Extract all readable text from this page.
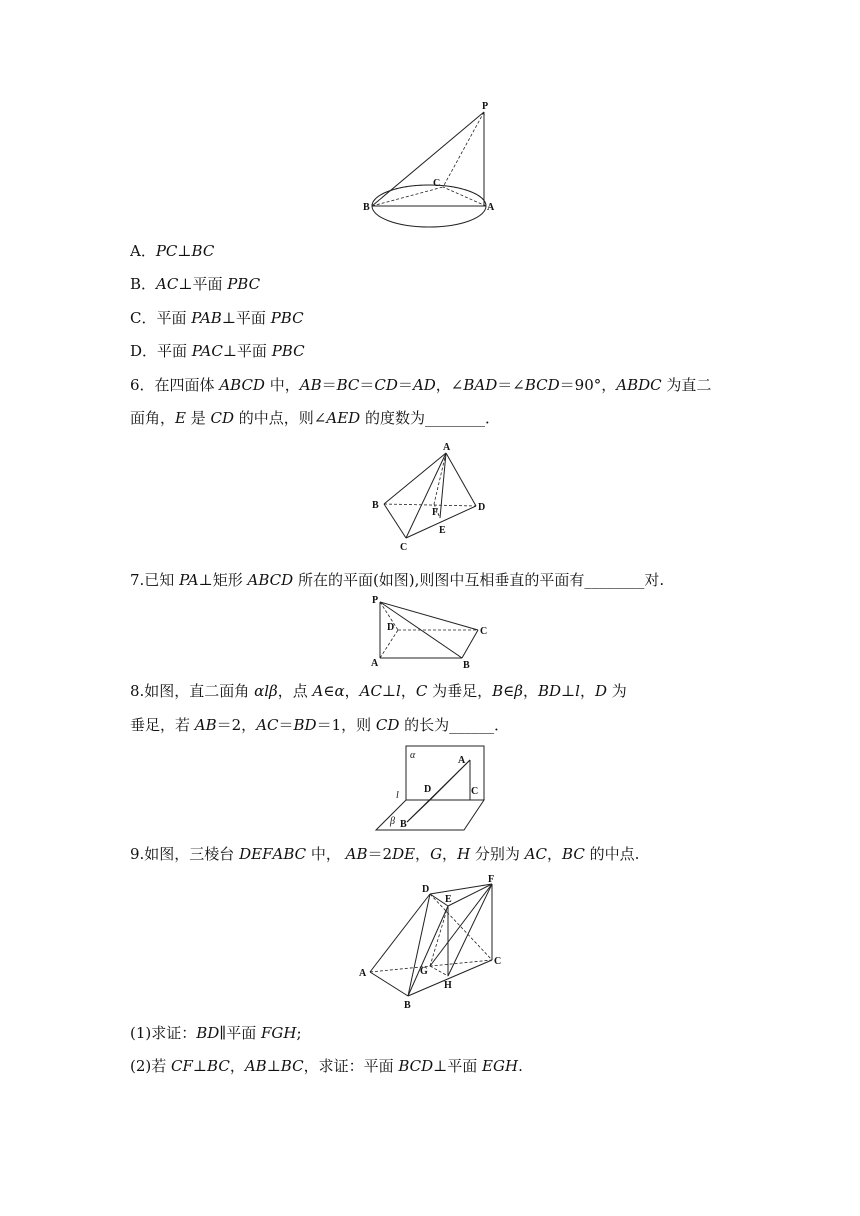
P
C
B	A
A．PC⊥BC
B．AC⊥平面 PBC
C．平面 PAB⊥平面 PBC
D．平面 PAC⊥平面 PBC
6．在四面体 ABCD 中，AB＝BC＝CD＝AD，∠BAD＝∠BCD＝90°，ABDC 为直二
面角，E 是 CD 的中点，则∠AED 的度数为________．
A
B	D
F
E
C
7.已知 PA⊥矩形 ABCD 所在的平面(如图),则图中互相垂直的平面有________对.
P
D	C
A	B
8.如图，直二面角 αlβ，点 A∈α，AC⊥l，C 为垂足，B∈β，BD⊥l，D 为
垂足，若 AB＝2，AC＝BD＝1，则 CD 的长为______．
α	A
l
D	C
β B
9.如图，三棱台 DEFABC 中， AB＝2DE，G，H 分别为 AC，BC 的中点.
D
E
F
A	G
C
H
B
(1)求证：BD∥平面 FGH;
(2)若 CF⊥BC，AB⊥BC，求证：平面 BCD⊥平面 EGH.
